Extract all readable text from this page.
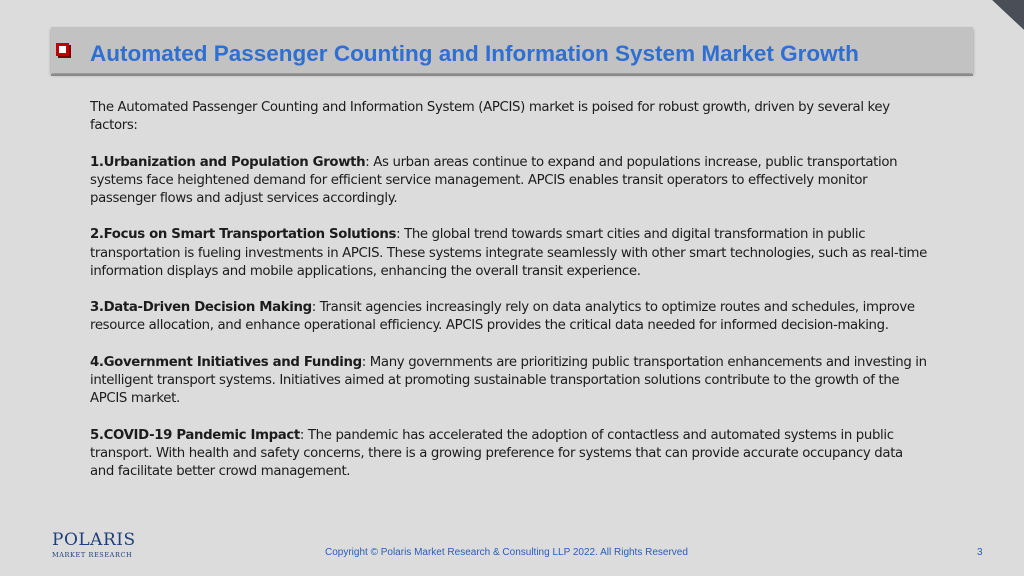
Automated Passenger Counting and Information System Market Growth

The Automated Passenger Counting and Information System (APCIS) market is poised for robust growth, driven by several key factors:

1.Urbanization and Population Growth: As urban areas continue to expand and populations increase, public transportation systems face heightened demand for efficient service management. APCIS enables transit operators to effectively monitor passenger flows and adjust services accordingly.

2.Focus on Smart Transportation Solutions: The global trend towards smart cities and digital transformation in public transportation is fueling investments in APCIS. These systems integrate seamlessly with other smart technologies, such as real-time information displays and mobile applications, enhancing the overall transit experience.

3.Data-Driven Decision Making: Transit agencies increasingly rely on data analytics to optimize routes and schedules, improve resource allocation, and enhance operational efficiency. APCIS provides the critical data needed for informed decision-making.

4.Government Initiatives and Funding: Many governments are prioritizing public transportation enhancements and investing in intelligent transport systems. Initiatives aimed at promoting sustainable transportation solutions contribute to the growth of the APCIS market.

5.COVID-19 Pandemic Impact: The pandemic has accelerated the adoption of contactless and automated systems in public transport. With health and safety concerns, there is a growing preference for systems that can provide accurate occupancy data and facilitate better crowd management.

POLARIS
MARKET RESEARCH	Copyright © Polaris Market Research & Consulting LLP 2022. All Rights Reserved	3
